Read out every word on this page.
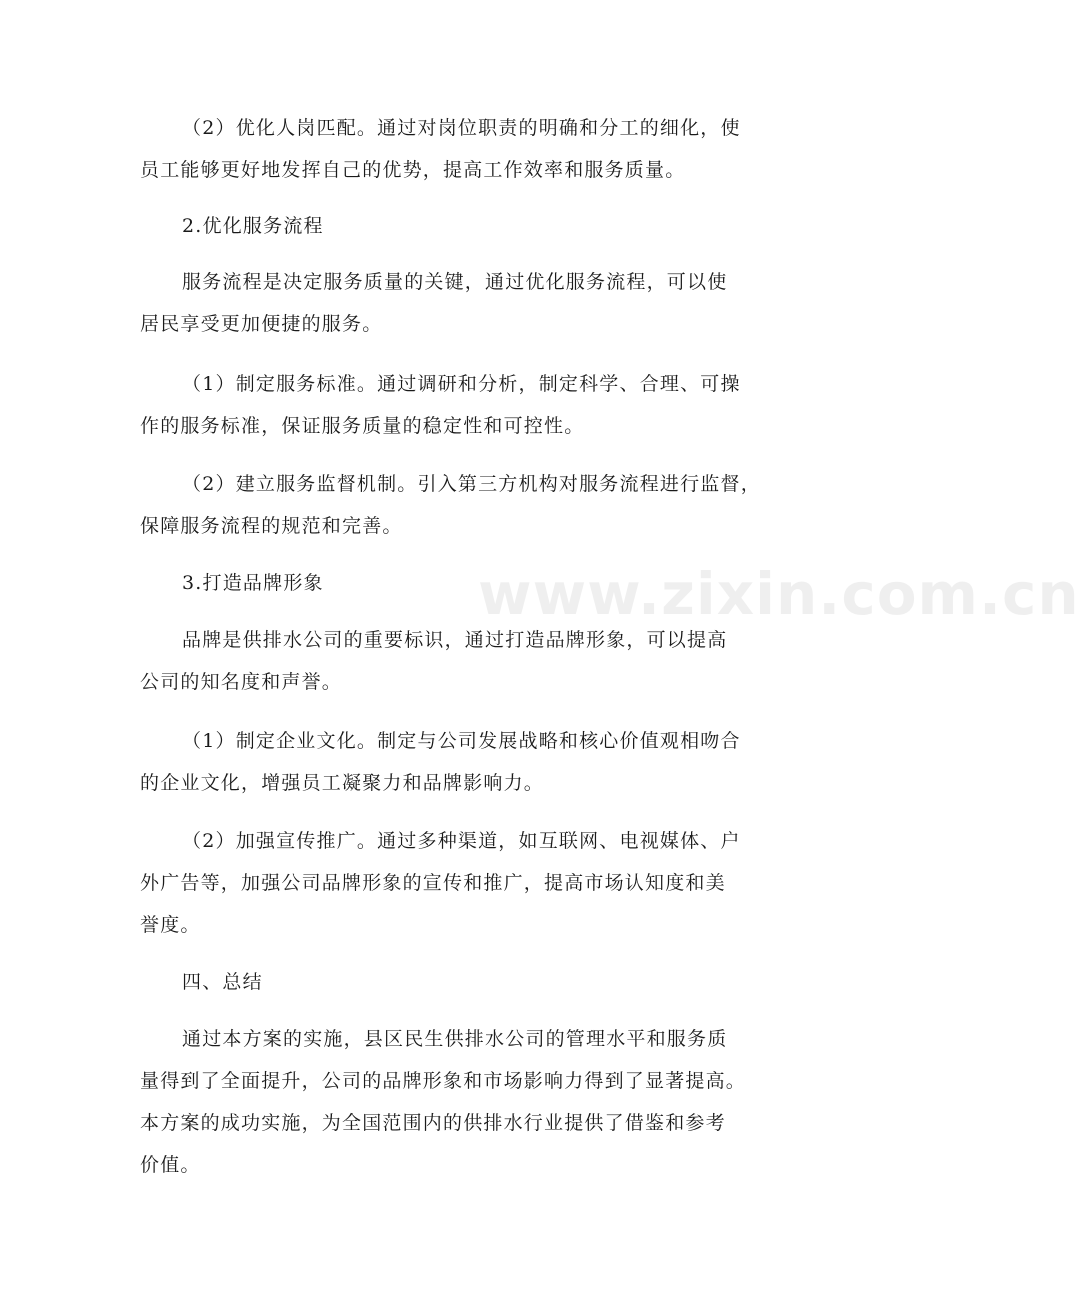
www.zixin.com.cn
（2）优化人岗匹配。通过对岗位职责的明确和分工的细化，使
员工能够更好地发挥自己的优势，提高工作效率和服务质量。
2.优化服务流程
服务流程是决定服务质量的关键，通过优化服务流程，可以使
居民享受更加便捷的服务。
（1）制定服务标准。通过调研和分析，制定科学、合理、可操
作的服务标准，保证服务质量的稳定性和可控性。
（2）建立服务监督机制。引入第三方机构对服务流程进行监督，
保障服务流程的规范和完善。
3.打造品牌形象
品牌是供排水公司的重要标识，通过打造品牌形象，可以提高
公司的知名度和声誉。
（1）制定企业文化。制定与公司发展战略和核心价值观相吻合
的企业文化，增强员工凝聚力和品牌影响力。
（2）加强宣传推广。通过多种渠道，如互联网、电视媒体、户
外广告等，加强公司品牌形象的宣传和推广，提高市场认知度和美
誉度。
四、总结
通过本方案的实施，县区民生供排水公司的管理水平和服务质
量得到了全面提升，公司的品牌形象和市场影响力得到了显著提高。
本方案的成功实施，为全国范围内的供排水行业提供了借鉴和参考
价值。
